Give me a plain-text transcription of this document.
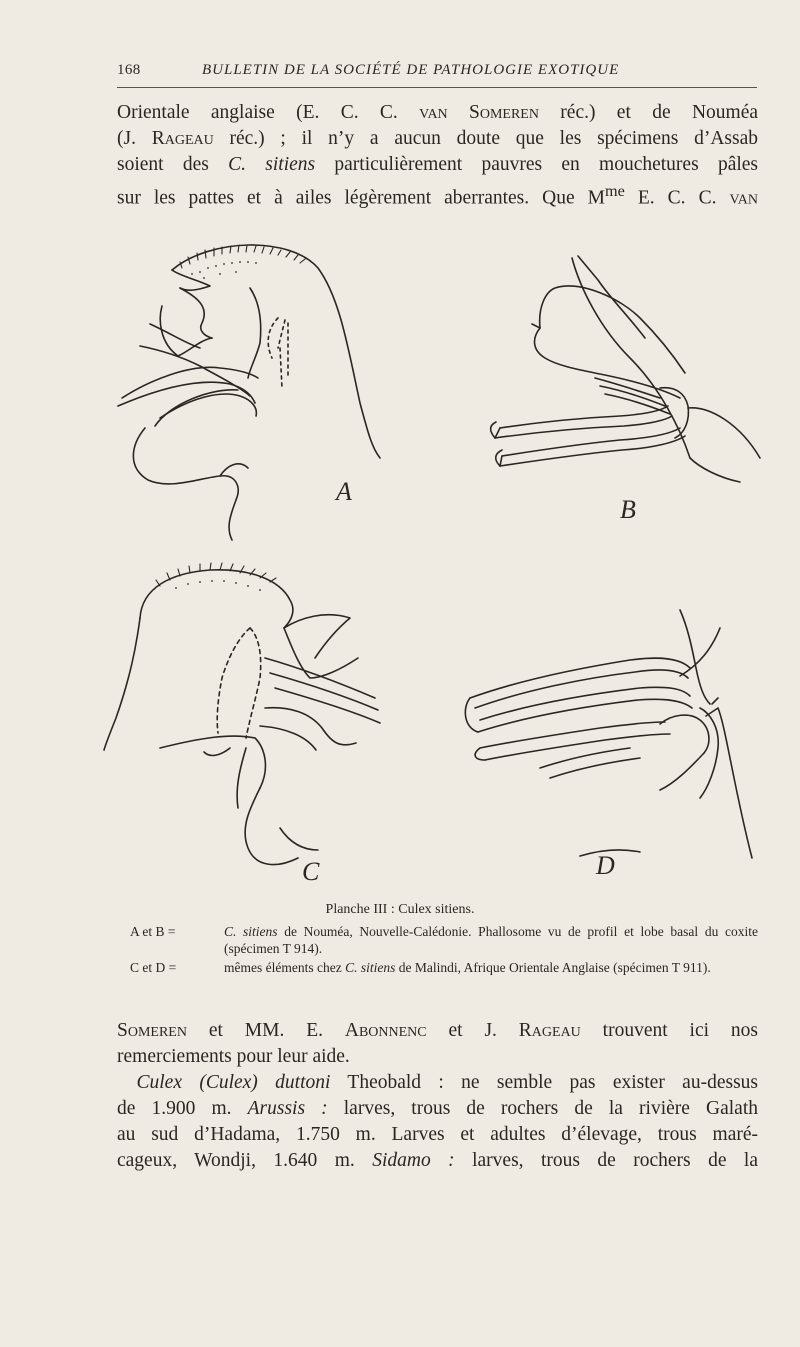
168	BULLETIN DE LA SOCIÉTÉ DE PATHOLOGIE EXOTIQUE
Orientale anglaise (E. C. C. van Someren réc.) et de Nouméa
(J. Rageau réc.) ; il n’y a aucun doute que les spécimens d’Assab
soient des C. sitiens particulièrement pauvres en mouchetures pâles
sur les pattes et à ailes légèrement aberrantes. Que $M^{me}$ E. C. C. van
A
B
C	D
Planche III : Culex sitiens.
A et B =	C. sitiens de Nouméa, Nouvelle-Calédonie. Phallosome vu de profil et lobe basal du coxite (spécimen T 914).
C et D =	mêmes éléments chez C. sitiens de Malindi, Afrique Orientale Anglaise (spécimen T 911).
Someren et MM. E. Abonnenc et J. Rageau trouvent ici nos
remerciements pour leur aide.
 Culex (Culex) duttoni Theobald : ne semble pas exister au-dessus
de 1.900 m. Arussis : larves, trous de rochers de la rivière Galath
au sud d’Hadama, 1.750 m. Larves et adultes d’élevage, trous maré-
cageux, Wondji, 1.640 m. Sidamo : larves, trous de rochers de la
